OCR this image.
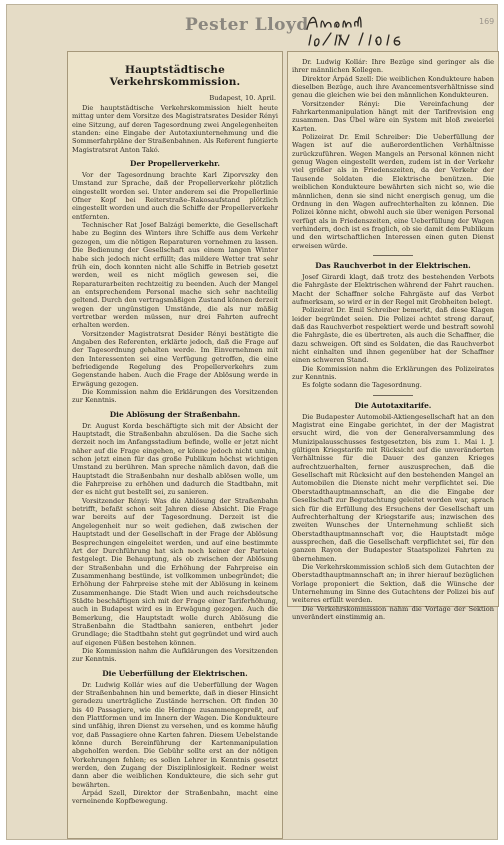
Pester Lloyd	169
Hauptstädtische Verkehrskommission.
Budapest, 10. April.

Die hauptstädtische Verkehrskommission hielt heute mittag unter dem Vorsitze des Magistratsrates Desider Rényi eine Sitzung, auf deren Tagesordnung zwei Angelegenheiten standen: eine Eingabe der Autotaxiunternehmung und die Sommerfahrpläne der Straßenbahnen. Als Referent fungierte Magistratsrat Anton Takó.

Der Propellerverkehr.

Vor der Tagesordnung brachte Karl Ziporvszky den Umstand zur Sprache, daß der Propellerverkehr plötzlich eingestellt worden sei. Unter anderem sei die Propellerlinie Ofner Kopf bei Reiterstraße–Rakosaufstand plötzlich eingestellt worden und auch die Schiffe der Propellerverkehr entfernten.

Technischer Rat Josef Balzági bemerkte, die Gesellschaft habe zu Beginn des Winters ihre Schiffe aus dem Verkehr gezogen, um die nötigen Reparaturen vornehmen zu lassen. Die Bedienung der Gesellschaft aus einem langen Winter habe sich jedoch nicht erfüllt; das mildere Wetter trat sehr früh ein, doch konnten nicht alle Schiffe in Betrieb gesetzt werden, weil es nicht möglich gewesen sei, die Reparaturarbeiten rechtzeitig zu beenden. Auch der Mangel an entsprechendem Personal mache sich sehr nachteilig geltend. Durch den vertragsmäßigen Zustand können derzeit wegen der ungünstigen Umstände, die als nur mäßig vertretbar werden müssen, nur drei Fahrten aufrecht erhalten werden.

Vorsitzender Magistratsrat Desider Rényi bestätigte die Angaben des Referenten, erklärte jedoch, daß die Frage auf der Tagesordnung gehalten werde. Im Einvernehmen mit den Interessenten sei eine Verfügung getroffen, die eine befriedigende Regelung des Propellerverkehrs zum Gegenstande haben. Auch die Frage der Ablösung werde in Erwägung gezogen.

Die Kommission nahm die Erklärungen des Vorsitzenden zur Kenntnis.

Die Ablösung der Straßenbahn.

Dr. August Korda beschäftigte sich mit der Absicht der Hauptstadt, die Straßenbahn abzulösen. Da die Sache sich derzeit noch im Anfangsstadium befinde, wolle er jetzt nicht näher auf die Frage eingehen, er könne jedoch nicht umhin, schon jetzt einen für das große Publikum höchst wichtigen Umstand zu berühren. Man spreche nämlich davon, daß die Hauptstadt die Straßenbahn nur deshalb ablösen wolle, um die Fahrpreise zu erhöhen und dadurch die Stadtbahn, mit der es nicht gut bestellt sei, zu sanieren.

Vorsitzender Rényi: Was die Ablösung der Straßenbahn betrifft, befaßt schon seit Jahren diese Absicht. Die Frage war bereits auf der Tagesordnung. Derzeit ist die Angelegenheit nur so weit gediehen, daß zwischen der Hauptstadt und der Gesellschaft in der Frage der Ablösung Besprechungen eingeleitet werden, und auf eine bestimmte Art der Durchführung hat sich noch keiner der Parteien festgelegt. Die Behauptung, als ob zwischen der Ablösung der Straßenbahn und die Erhöhung der Fahrpreise ein Zusammenhang bestünde, ist vollkommen unbegründet; die Erhöhung der Fahrpreise stehe mit der Ablösung in keinem Zusammenhange. Die Stadt Wien und auch reichsdeutsche Städte beschäftigen sich mit der Frage einer Tariferhöhung, auch in Budapest wird es in Erwägung gezogen. Auch die Bemerkung, die Hauptstadt wolle durch Ablösung die Straßenbahn die Stadtbahn sanieren, entbehrt jeder Grundlage; die Stadtbahn steht gut gegründet und wird auch auf eigenen Füßen bestehen können.

Die Kommission nahm die Aufklärungen des Vorsitzenden zur Kenntnis.

Die Ueberfüllung der Elektrischen.

Dr. Ludwig Kollár wies auf die Ueberfüllung der Wagen der Straßenbahnen hin und bemerkte, daß in dieser Hinsicht geradezu unerträgliche Zustände herrschen. Oft finden 30 bis 40 Passagiere, wie die Heringe zusammengepreßt, auf den Plattformen und im Innern der Wagen. Die Kondukteure sind unfähig, ihren Dienst zu versehen, und es komme häufig vor, daß Passagiere ohne Karten fahren. Diesem Uebelstande könne durch Bereinführung der Kartenmanipulation abgeholfen werden. Die Gebühr sollte erst an der nötigen Vorkehrungen fehlen; es sollen Lehrer in Kenntnis gesetzt werden, den Zugang der Disziplinlosigkeit. Redner weist dann aber die weiblichen Kondukteure, die sich sehr gut bewährten.

Árpád Szell, Direktor der Straßenbahn, macht eine verneinende Kopfbewegung.

Dr. Ludwig Kollár: Ihre Bezüge sind geringer als die ihrer männlichen Kollegen.

Direktor Árpád Szell: Die weiblichen Kondukteure haben dieselben Bezüge, auch ihre Avancementsverhältnisse sind genau die gleichen wie bei den männlichen Kondukteuren.

Vorsitzender Rényi: Die Vereinfachung der Fahrkartenmanipulation hängt mit der Tarifrevision eng zusammen. Das Übel wäre ein System mit bloß zweierlei Karten.

Polizeirat Dr. Emil Schreiber: Die Ueberfüllung der Wagen ist auf die außerordentlichen Verhältnisse zurückzuführen. Wegen Mangels an Personal können nicht genug Wagen eingestellt werden, zudem ist in der Verkehr viel größer als in Friedenszeiten, da der Verkehr der Tausende Soldaten die Elektrische benützen. Die weiblichen Kondukteure bewährten sich nicht so, wie die männlichen, denn sie sind nicht energisch genug, um die Ordnung in den Wagen aufrechterhalten zu können. Die Polizei könne nicht, obwohl auch sie über wenigen Personal verfügt als in Friedenszeiten, eine Ueberfüllung der Wagen verhindern, doch ist es fraglich, ob sie damit dem Publikum und den wirtschaftlichen Interessen einen guten Dienst erweisen würde.

Das Rauchverbot in der Elektrischen.

Josef Girardi klagt, daß trotz des bestehenden Verbots die Fahrgäste der Elektrischen während der Fahrt rauchen. Macht der Schaffner solche Fahrgäste auf das Verbot aufmerksam, so wird er in der Regel mit Grobheiten belegt.

Polizeirat Dr. Emil Schreiber bemerkt, daß diese Klagen leider begründet seien. Die Polizei achtet streng darauf, daß das Rauchverbot respektiert werde und bestraft sowohl die Fahrgäste, die es übertreten, als auch die Schaffner, die dazu schweigen. Oft sind es Soldaten, die das Rauchverbot nicht einhalten und ihnen gegenüber hat der Schaffner einen schweren Stand.

Die Kommission nahm die Erklärungen des Polizeirates zur Kenntnis.

Es folgte sodann die Tagesordnung.

Die Autotaxitarife.

Die Budapester Automobil-Aktiengesellschaft hat an den Magistrat eine Eingabe gerichtet, in der der Magistrat ersucht wird, die von der Generalversammlung des Munizipalausschusses festgesetzten, bis zum 1. Mai l. J. gültigen Kriegstarife mit Rücksicht auf die unveränderten Verhältnisse für die Dauer des ganzen Krieges aufrechtzuerhalten, ferner auszusprechen, daß die Gesellschaft mit Rücksicht auf den bestehenden Mangel an Automobilen die Dienste nicht mehr verpflichtet sei. Die Oberstadthauptmannschaft, an die die Eingabe der Gesellschaft zur Begutachtung geleitet worden war, sprach sich für die Erfüllung des Ersuchens der Gesellschaft um Aufrechterhaltung der Kriegstarife aus; inzwischen des zweiten Wunsches der Unternehmung schließt sich Oberstadthauptmannschaft vor, die Hauptstadt möge aussprechen, daß die Gesellschaft verpflichtet sei, für den ganzen Rayon der Budapester Staatspolizei Fahrten zu übernehmen.

Die Verkehrskommission schloß sich dem Gutachten der Oberstadthauptmannschaft an; in ihrer hierauf bezüglichen Vorlage proponiert die Sektion, daß die Wünsche der Unternehmung im Sinne des Gutachtens der Polizei bis auf weiteres erfüllt werden.

Die Verkehrskommission nahm die Vorlage der Sektion unverändert einstimmig an.
